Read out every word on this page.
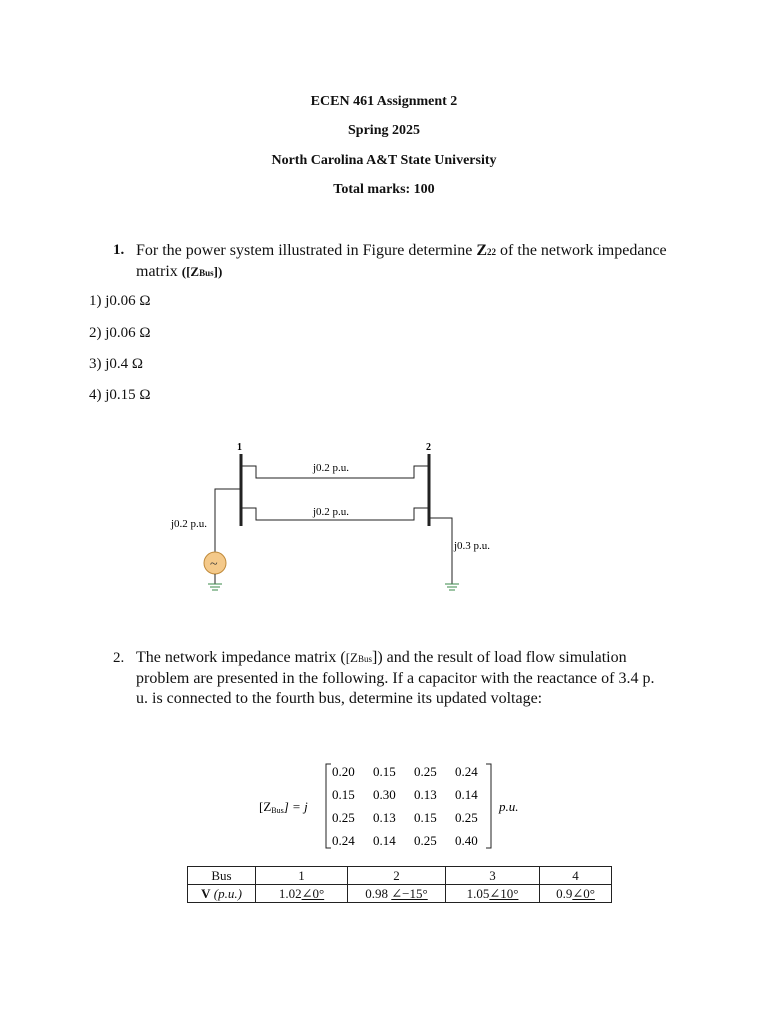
ECEN 461 Assignment 2
Spring 2025
North Carolina A&T State University
Total marks: 100
1. For the power system illustrated in Figure determine Z22 of the network impedance
matrix ([ZBus])
1) j0.06 Ω
2) j0.06 Ω
3) j0.4 Ω
4) j0.15 Ω
1	2
j0.2 p.u.
j0.2 p.u.
j0.2 p.u.
j0.3 p.u.
~
2. The network impedance matrix ([ZBus]) and the result of load flow simulation
problem are presented in the following. If a capacitor with the reactance of 3.4 p.
u. is connected to the fourth bus, determine its updated voltage:
[ZBus] = j
0.20 0.15 0.25 0.24
0.15 0.30 0.13 0.14
0.25 0.13 0.15 0.25
0.24 0.14 0.25 0.40
p.u.
Bus	1	2	3	4
V (p.u.)	1.02∠0°	0.98 ∠−15°	1.05∠10°	0.9∠0°
